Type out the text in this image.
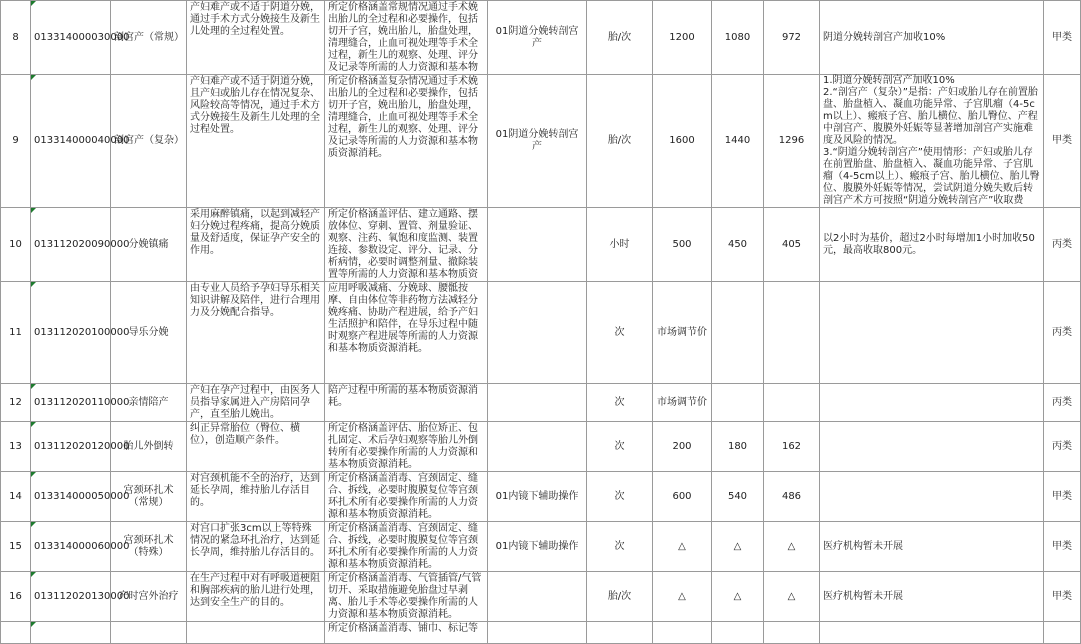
8	013314000030000	剖宫产（常规）	产妇难产或不适于阴道分娩，通过手术方式分娩接生及新生儿处理的全过程处置。	所定价格涵盖常规情况通过手术娩出胎儿的全过程和必要操作，包括切开子宫，娩出胎儿，胎盘处理，清理缝合，止血可视处理等手术全过程，新生儿的观察、处理、评分及记录等所需的人力资源和基本物	01阴道分娩转剖宫产	胎/次	1200	1080	972	阴道分娩转剖宫产加收10%	甲类
9	013314000040000	剖宫产（复杂）	产妇难产或不适于阴道分娩，且产妇或胎儿存在情况复杂、风险较高等情况，通过手术方式分娩接生及新生儿处理的全过程处置。	所定价格涵盖复杂情况通过手术娩出胎儿的全过程和必要操作，包括切开子宫，娩出胎儿，胎盘处理，清理缝合，止血可视处理等手术全过程，新生儿的观察、处理、评分及记录等所需的人力资源和基本物质资源消耗。	01阴道分娩转剖宫产	胎/次	1600	1440	1296	1.阴道分娩转剖宫产加收10%
2.“剖宫产（复杂）”是指：产妇或胎儿存在前置胎盘、胎盘植入、凝血功能异常、子宫肌瘤（4-5cm以上）、瘢痕子宫、胎儿横位、胎儿臀位、产程中剖宫产、腹膜外妊娠等显著增加剖宫产实施难度及风险的情况。
3.“阴道分娩转剖宫产”使用情形：产妇或胎儿存在前置胎盘、胎盘植入、凝血功能异常、子宫肌瘤（4-5cm以上）、瘢痕子宫、胎儿横位、胎儿臀位、腹膜外妊娠等情况，尝试阴道分娩失败后转剖宫产术方可按照“阴道分娩转剖宫产”收取费	甲类
10	013112020090000	分娩镇痛	采用麻醉镇痛，以起到减轻产妇分娩过程疼痛，提高分娩质量及舒适度，保证孕产安全的作用。	所定价格涵盖评估、建立通路、摆放体位、穿刺、置管、剂量验证、观察、注药、氧饱和度监测、装置连接、参数设定、评分、记录、分析病情，必要时调整剂量、撤除装置等所需的人力资源和基本物质资		小时	500	450	405	以2小时为基价，超过2小时每增加1小时加收50元，最高收取800元。	丙类
11	013112020100000	导乐分娩	由专业人员给予孕妇导乐相关知识讲解及陪伴，进行合理用力及分娩配合指导。	应用呼吸减痛、分娩球、腰骶按摩、自由体位等非药物方法减轻分娩疼痛、协助产程进展，给予产妇生活照护和陪伴，在导乐过程中随时观察产程进展等所需的人力资源和基本物质资源消耗。		次	市场调节价				丙类
12	013112020110000	亲情陪产	产妇在孕产过程中，由医务人员指导家属进入产房陪同孕产，直至胎儿娩出。	陪产过程中所需的基本物质资源消耗。		次	市场调节价				丙类
13	013112020120000	胎儿外倒转	纠正异常胎位（臀位、横位），创造顺产条件。	所定价格涵盖评估、胎位矫正、包扎固定、术后孕妇观察等胎儿外倒转所有必要操作所需的人力资源和基本物质资源消耗。		次	200	180	162		丙类
14	013314000050000	宫颈环扎术（常规）	对宫颈机能不全的治疗，达到延长孕周，维持胎儿存活目的。	所定价格涵盖消毒、宫颈固定、缝合、拆线，必要时腹膜复位等宫颈环扎术所有必要操作所需的人力资源和基本物质资源消耗。	01内镜下辅助操作	次	600	540	486		甲类
15	013314000060000	宫颈环扎术（特殊）	对宫口扩张3cm以上等特殊情况的紧急环扎治疗，达到延长孕周，维持胎儿存活目的。	所定价格涵盖消毒、宫颈固定、缝合、拆线，必要时腹膜复位等宫颈环扎术所有必要操作所需的人力资源和基本物质资源消耗。	01内镜下辅助操作	次	△	△	△	医疗机构暂未开展	甲类
16	013112020130000	产时宫外治疗	在生产过程中对有呼吸道梗阻和胸部疾病的胎儿进行处理，达到安全生产的目的。	所定价格涵盖消毒、气管插管/气管切开、采取措施避免胎盘过早剥离、胎儿手术等必要操作所需的人力资源和基本物质资源消耗。		胎/次	△	△	△	医疗机构暂未开展	甲类
				所定价格涵盖消毒、铺巾、标记等							
